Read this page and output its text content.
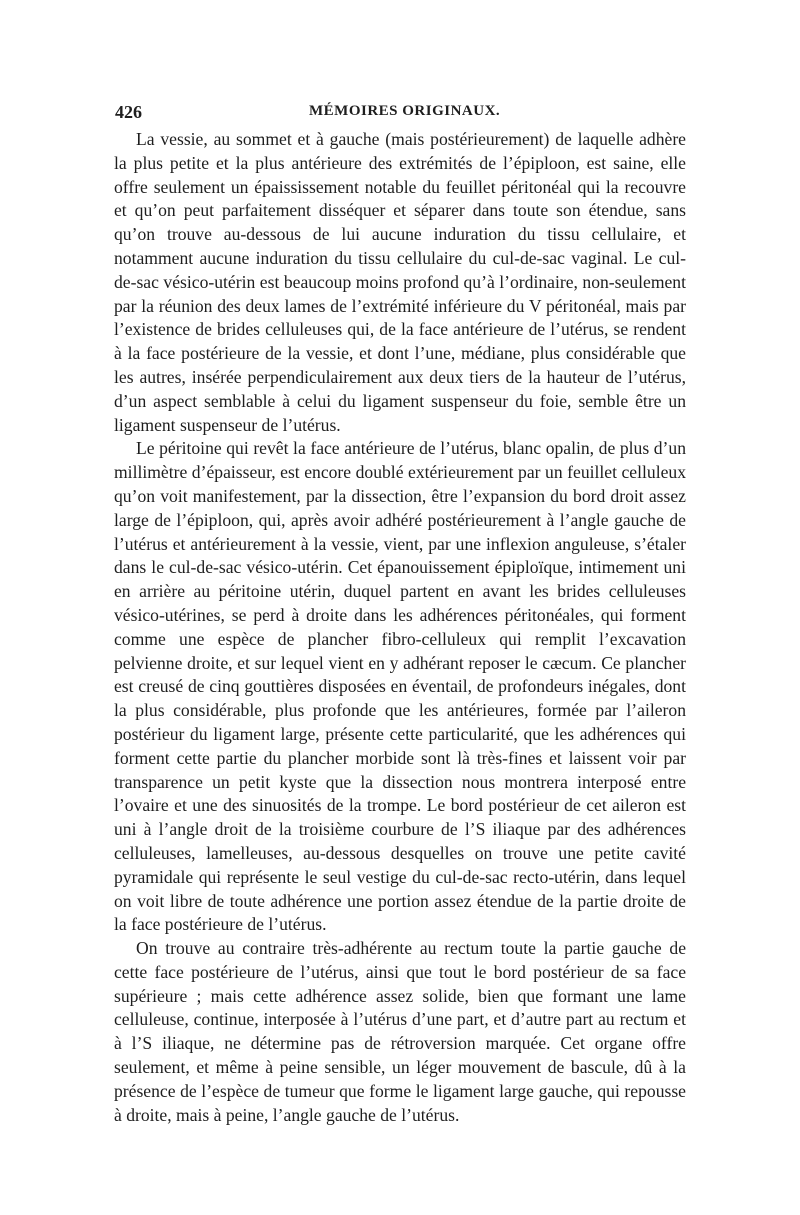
426	MÉMOIRES ORIGINAUX.

La vessie, au sommet et à gauche (mais postérieurement) de laquelle adhère la plus petite et la plus antérieure des extrémités de l’épiploon, est saine, elle offre seulement un épaississement notable du feuillet péritonéal qui la recouvre et qu’on peut parfaitement disséquer et séparer dans toute son étendue, sans qu’on trouve au-dessous de lui aucune induration du tissu cellulaire, et notamment aucune induration du tissu cellulaire du cul-de-sac vaginal. Le cul-de-sac vésico-utérin est beaucoup moins profond qu’à l’ordinaire, non-seulement par la réunion des deux lames de l’extrémité inférieure du V péritonéal, mais par l’existence de brides celluleuses qui, de la face antérieure de l’utérus, se rendent à la face postérieure de la vessie, et dont l’une, médiane, plus considérable que les autres, insérée perpendiculairement aux deux tiers de la hauteur de l’utérus, d’un aspect semblable à celui du ligament suspenseur du foie, semble être un ligament suspenseur de l’utérus.

Le péritoine qui revêt la face antérieure de l’utérus, blanc opalin, de plus d’un millimètre d’épaisseur, est encore doublé extérieurement par un feuillet celluleux qu’on voit manifestement, par la dissection, être l’expansion du bord droit assez large de l’épiploon, qui, après avoir adhéré postérieurement à l’angle gauche de l’utérus et antérieurement à la vessie, vient, par une inflexion anguleuse, s’étaler dans le cul-de-sac vésico-utérin. Cet épanouissement épiploïque, intimement uni en arrière au péritoine utérin, duquel partent en avant les brides celluleuses vésico-utérines, se perd à droite dans les adhérences péritonéales, qui forment comme une espèce de plancher fibro-celluleux qui remplit l’excavation pelvienne droite, et sur lequel vient en y adhérant reposer le cæcum. Ce plancher est creusé de cinq gouttières disposées en éventail, de profondeurs inégales, dont la plus considérable, plus profonde que les antérieures, formée par l’aileron postérieur du ligament large, présente cette particularité, que les adhérences qui forment cette partie du plancher morbide sont là très-fines et laissent voir par transparence un petit kyste que la dissection nous montrera interposé entre l’ovaire et une des sinuosités de la trompe. Le bord postérieur de cet aileron est uni à l’angle droit de la troisième courbure de l’S iliaque par des adhérences celluleuses, lamelleuses, au-dessous desquelles on trouve une petite cavité pyramidale qui représente le seul vestige du cul-de-sac recto-utérin, dans lequel on voit libre de toute adhérence une portion assez étendue de la partie droite de la face postérieure de l’utérus.

On trouve au contraire très-adhérente au rectum toute la partie gauche de cette face postérieure de l’utérus, ainsi que tout le bord postérieur de sa face supérieure ; mais cette adhérence assez solide, bien que formant une lame celluleuse, continue, interposée à l’utérus d’une part, et d’autre part au rectum et à l’S iliaque, ne détermine pas de rétroversion marquée. Cet organe offre seulement, et même à peine sensible, un léger mouvement de bascule, dû à la présence de l’espèce de tumeur que forme le ligament large gauche, qui repousse à droite, mais à peine, l’angle gauche de l’utérus.
